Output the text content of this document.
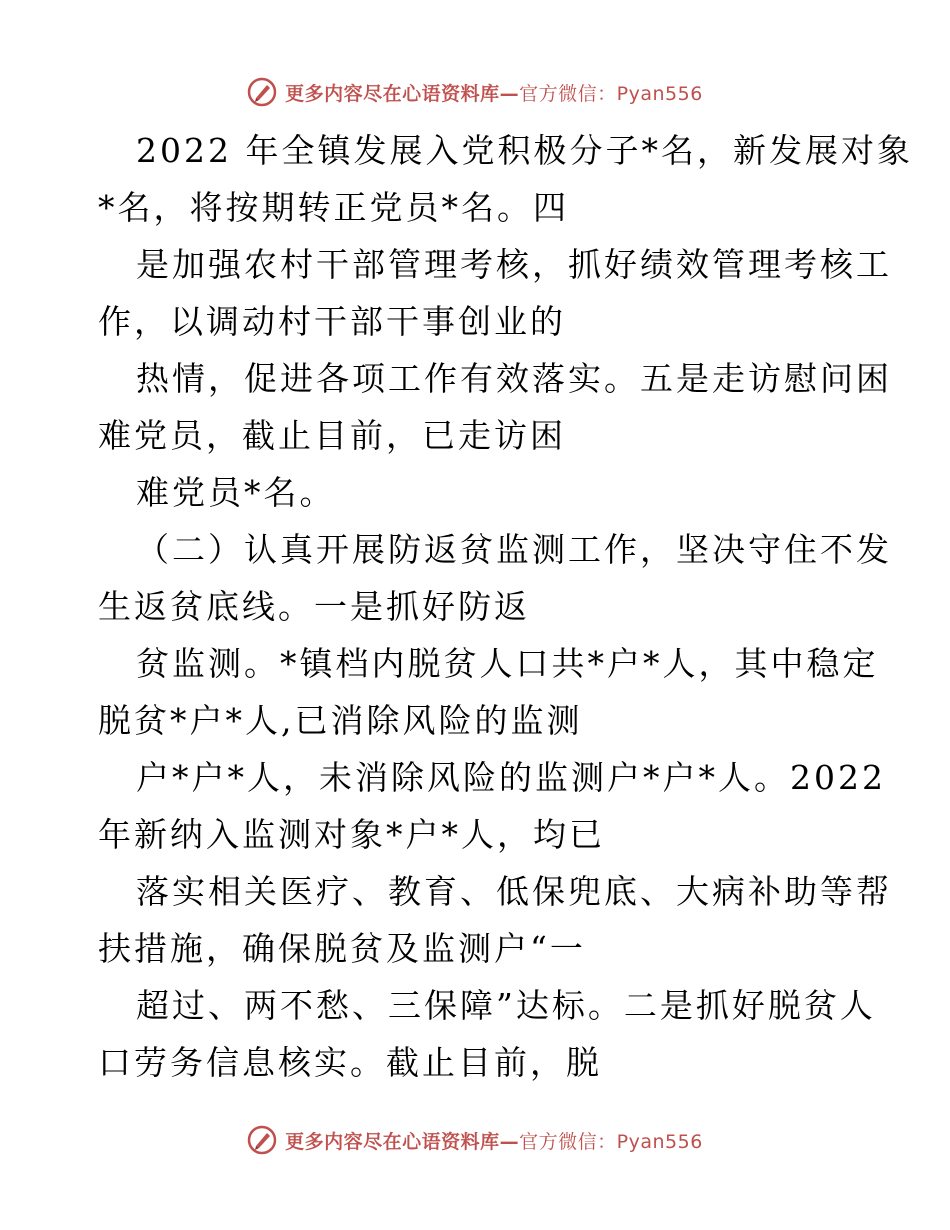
更多内容尽在心语资料库—官方微信：Pyan556
2022 年全镇发展入党积极分子*名，新发展对象
*名，将按期转正党员*名。四
是加强农村干部管理考核，抓好绩效管理考核工
作，以调动村干部干事创业的
热情，促进各项工作有效落实。五是走访慰问困
难党员，截止目前，已走访困
难党员*名。
（二）认真开展防返贫监测工作，坚决守住不发
生返贫底线。一是抓好防返
贫监测。*镇档内脱贫人口共*户*人，其中稳定
脱贫*户*人,已消除风险的监测
户*户*人，未消除风险的监测户*户*人。2022
年新纳入监测对象*户*人，均已
落实相关医疗、教育、低保兜底、大病补助等帮
扶措施，确保脱贫及监测户“一
超过、两不愁、三保障”达标。二是抓好脱贫人
口劳务信息核实。截止目前，脱
更多内容尽在心语资料库—官方微信：Pyan556
